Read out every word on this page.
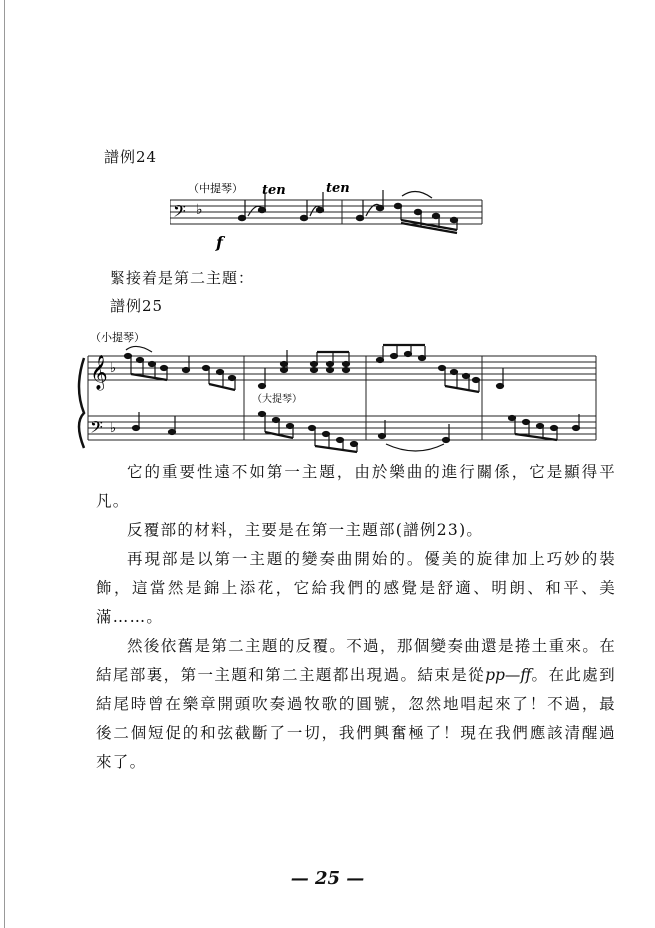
譜例24
（中提琴） ten	ten
𝄢 ♭
f
緊接着是第二主題：
譜例25
（小提琴）
（大提琴）
𝄞 ♭
𝄢 ♭

它的重要性遠不如第一主題，由於樂曲的進行關係，它是顯得平凡。

反覆部的材料，主要是在第一主題部(譜例23)。

再現部是以第一主題的變奏曲開始的。優美的旋律加上巧妙的裝飾，這當然是錦上添花，它給我們的感覺是舒適、明朗、和平、美滿……。

然後依舊是第二主題的反覆。不過，那個變奏曲還是捲土重來。在結尾部裏，第一主題和第二主題都出現過。結束是從pp—ff。在此處到結尾時曾在樂章開頭吹奏過牧歌的圓號，忽然地唱起來了！不過，最後二個短促的和弦截斷了一切，我們興奮極了！現在我們應該清醒過來了。

— 25 —
